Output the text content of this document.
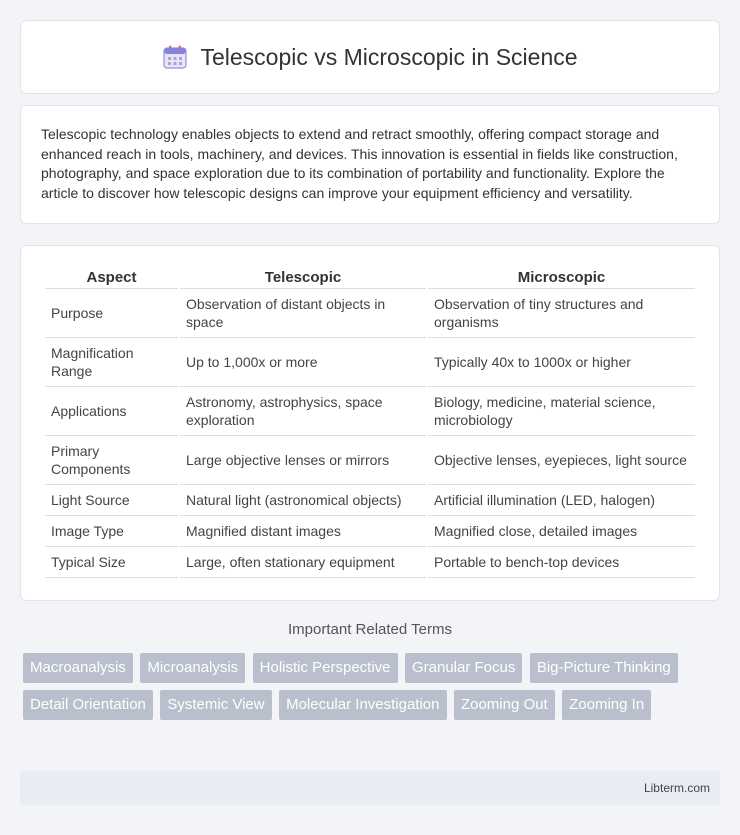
Telescopic vs Microscopic in Science

Telescopic technology enables objects to extend and retract smoothly, offering compact storage and enhanced reach in tools, machinery, and devices. This innovation is essential in fields like construction, photography, and space exploration due to its combination of portability and functionality. Explore the article to discover how telescopic designs can improve your equipment efficiency and versatility.

Aspect	Telescopic	Microscopic
Purpose	Observation of distant objects in space	Observation of tiny structures and organisms
Magnification Range	Up to 1,000x or more	Typically 40x to 1000x or higher
Applications	Astronomy, astrophysics, space exploration	Biology, medicine, material science, microbiology
Primary Components	Large objective lenses or mirrors	Objective lenses, eyepieces, light source
Light Source	Natural light (astronomical objects)	Artificial illumination (LED, halogen)
Image Type	Magnified distant images	Magnified close, detailed images
Typical Size	Large, often stationary equipment	Portable to bench-top devices
Important Related Terms
Macroanalysis Microanalysis Holistic Perspective Granular Focus Big-Picture Thinking Detail Orientation Systemic View Molecular Investigation Zooming Out Zooming In
Libterm.com
